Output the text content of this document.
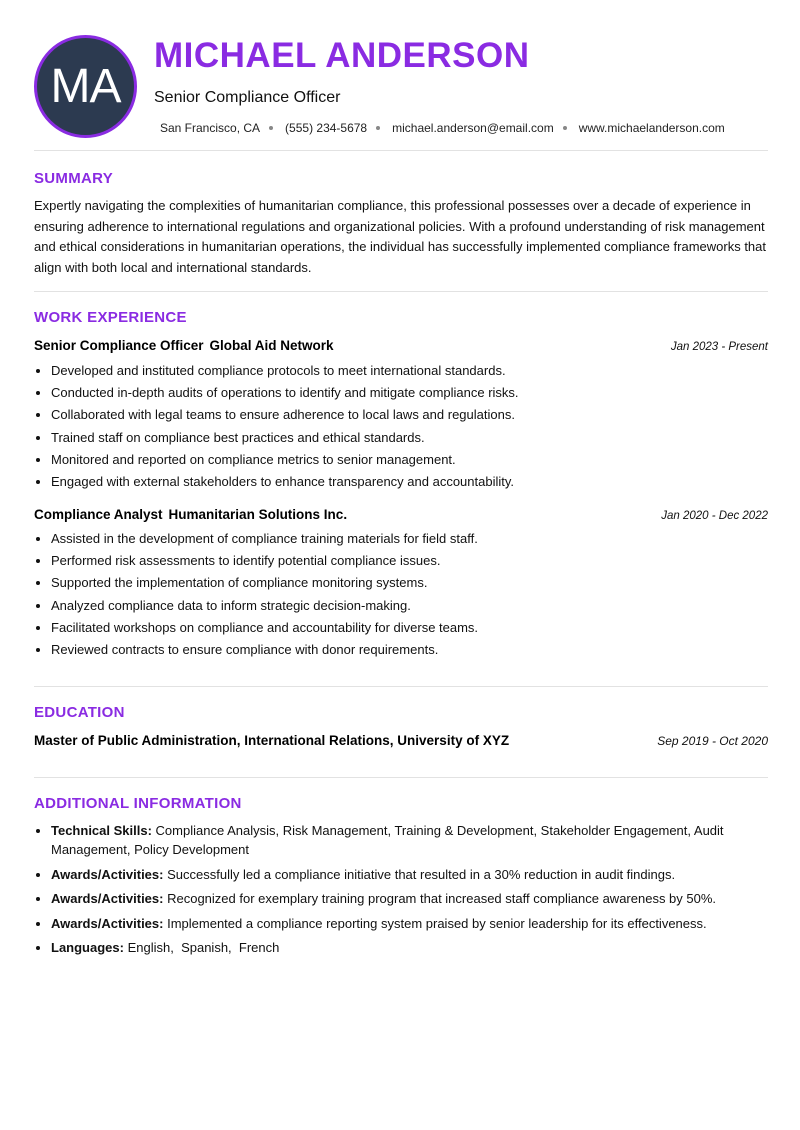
MA
MICHAEL ANDERSON
Senior Compliance Officer
San Francisco, CA (555) 234-5678 michael.anderson@email.com www.michaelanderson.com
SUMMARY
Expertly navigating the complexities of humanitarian compliance, this professional possesses over a decade of experience in ensuring adherence to international regulations and organizational policies. With a profound understanding of risk management and ethical considerations in humanitarian operations, the individual has successfully implemented compliance frameworks that align with both local and international standards.
WORK EXPERIENCE
Senior Compliance Officer Global Aid Network	Jan 2023 - Present
• Developed and instituted compliance protocols to meet international standards.
• Conducted in-depth audits of operations to identify and mitigate compliance risks.
• Collaborated with legal teams to ensure adherence to local laws and regulations.
• Trained staff on compliance best practices and ethical standards.
• Monitored and reported on compliance metrics to senior management.
• Engaged with external stakeholders to enhance transparency and accountability.
Compliance Analyst Humanitarian Solutions Inc.	Jan 2020 - Dec 2022
• Assisted in the development of compliance training materials for field staff.
• Performed risk assessments to identify potential compliance issues.
• Supported the implementation of compliance monitoring systems.
• Analyzed compliance data to inform strategic decision-making.
• Facilitated workshops on compliance and accountability for diverse teams.
• Reviewed contracts to ensure compliance with donor requirements.
EDUCATION
Master of Public Administration, International Relations, University of XYZ	Sep 2019 - Oct 2020
ADDITIONAL INFORMATION
• Technical Skills: Compliance Analysis, Risk Management, Training & Development, Stakeholder Engagement, Audit Management, Policy Development
• Awards/Activities: Successfully led a compliance initiative that resulted in a 30% reduction in audit findings.
• Awards/Activities: Recognized for exemplary training program that increased staff compliance awareness by 50%.
• Awards/Activities: Implemented a compliance reporting system praised by senior leadership for its effectiveness.
• Languages: English,  Spanish,  French
